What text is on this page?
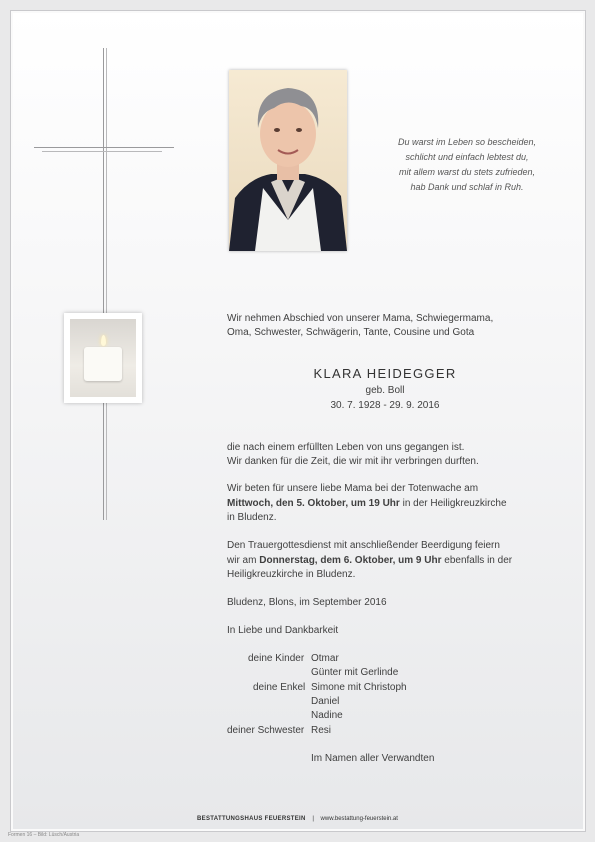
Du warst im Leben so bescheiden,
schlicht und einfach lebtest du,
mit allem warst du stets zufrieden,
hab Dank und schlaf in Ruh.
Wir nehmen Abschied von unserer Mama, Schwiegermama,
Oma, Schwester, Schwägerin, Tante, Cousine und Gota
KLARA HEIDEGGER
geb. Boll
30. 7. 1928 - 29. 9. 2016
die nach einem erfüllten Leben von uns gegangen ist.
Wir danken für die Zeit, die wir mit ihr verbringen durften.
Wir beten für unsere liebe Mama bei der Totenwache am
Mittwoch, den 5. Oktober, um 19 Uhr in der Heiligkreuzkirche
in Bludenz.
Den Trauergottesdienst mit anschließender Beerdigung feiern
wir am Donnerstag, dem 6. Oktober, um 9 Uhr ebenfalls in der
Heiligkreuzkirche in Bludenz.
Bludenz, Blons, im September 2016
In Liebe und Dankbarkeit
deine Kinder Otmar
Günter mit Gerlinde
deine Enkel Simone mit Christoph
Daniel
Nadine
deiner Schwester Resi
Im Namen aller Verwandten
BESTATTUNGSHAUS FEUERSTEIN | www.bestattung-feuerstein.at
Formen 16 – Bild: Lüsch/Austria
